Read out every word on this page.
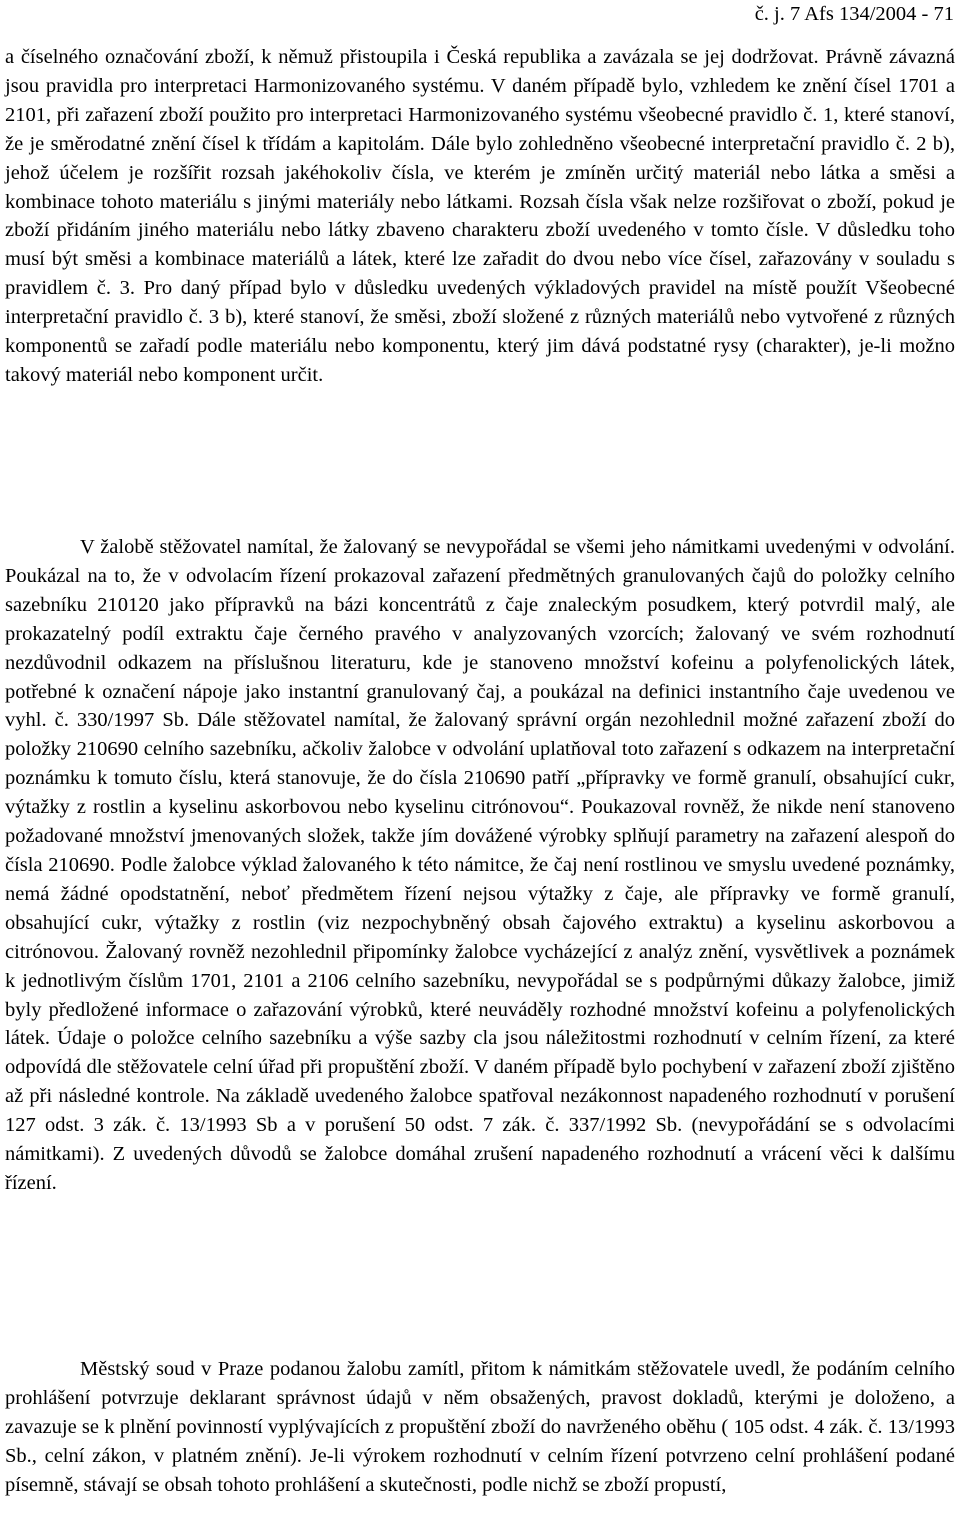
č. j. 7 Afs 134/2004 - 71

a číselného označování zboží, k němuž přistoupila i Česká republika a zavázala se jej dodržovat. Právně závazná jsou pravidla pro interpretaci Harmonizovaného systému. V daném případě bylo, vzhledem ke znění čísel 1701 a 2101, při zařazení zboží použito pro interpretaci Harmonizovaného systému všeobecné pravidlo č. 1, které stanoví, že je směrodatné znění čísel k třídám a kapitolám. Dále bylo zohledněno všeobecné interpretační pravidlo č. 2 b), jehož účelem je rozšířit rozsah jakéhokoliv čísla, ve kterém je zmíněn určitý materiál nebo látka a směsi a kombinace tohoto materiálu s jinými materiály nebo látkami. Rozsah čísla však nelze rozšiřovat o zboží, pokud je zboží přidáním jiného materiálu nebo látky zbaveno charakteru zboží uvedeného v tomto čísle. V důsledku toho musí být směsi a kombinace materiálů a látek, které lze zařadit do dvou nebo více čísel, zařazovány v souladu s pravidlem č. 3. Pro daný případ bylo v důsledku uvedených výkladových pravidel na místě použít Všeobecné interpretační pravidlo č. 3 b), které stanoví, že směsi, zboží složené z různých materiálů nebo vytvořené z různých komponentů se zařadí podle materiálu nebo komponentu, který jim dává podstatné rysy (charakter), je-li možno takový materiál nebo komponent určit.

V žalobě stěžovatel namítal, že žalovaný se nevypořádal se všemi jeho námitkami uvedenými v odvolání. Poukázal na to, že v odvolacím řízení prokazoval zařazení předmětných granulovaných čajů do položky celního sazebníku 210120 jako přípravků na bázi koncentrátů z čaje znaleckým posudkem, který potvrdil malý, ale prokazatelný podíl extraktu čaje černého pravého v analyzovaných vzorcích; žalovaný ve svém rozhodnutí nezdůvodnil odkazem na příslušnou literaturu, kde je stanoveno množství kofeinu a polyfenolických látek, potřebné k označení nápoje jako instantní granulovaný čaj, a poukázal na definici instantního čaje uvedenou ve vyhl. č. 330/1997 Sb. Dále stěžovatel namítal, že žalovaný správní orgán nezohlednil možné zařazení zboží do položky 210690 celního sazebníku, ačkoliv žalobce v odvolání uplatňoval toto zařazení s odkazem na interpretační poznámku k tomuto číslu, která stanovuje, že do čísla 210690 patří „přípravky ve formě granulí, obsahující cukr, výtažky z rostlin a kyselinu askorbovou nebo kyselinu citrónovou“. Poukazoval rovněž, že nikde není stanoveno požadované množství jmenovaných složek, takže jím dovážené výrobky splňují parametry na zařazení alespoň do čísla 210690. Podle žalobce výklad žalovaného k této námitce, že čaj není rostlinou ve smyslu uvedené poznámky, nemá žádné opodstatnění, neboť předmětem řízení nejsou výtažky z čaje, ale přípravky ve formě granulí, obsahující cukr, výtažky z rostlin (viz nezpochybněný obsah čajového extraktu) a kyselinu askorbovou a citrónovou. Žalovaný rovněž nezohlednil připomínky žalobce vycházející z analýz znění, vysvětlivek a poznámek k jednotlivým číslům 1701, 2101 a 2106 celního sazebníku, nevypořádal se s podpůrnými důkazy žalobce, jimiž byly předložené informace o zařazování výrobků, které neuváděly rozhodné množství kofeinu a polyfenolických látek. Údaje o položce celního sazebníku a výše sazby cla jsou náležitostmi rozhodnutí v celním řízení, za které odpovídá dle stěžovatele celní úřad při propuštění zboží. V daném případě bylo pochybení v zařazení zboží zjištěno až při následné kontrole. Na základě uvedeného žalobce spatřoval nezákonnost napadeného rozhodnutí v porušení 127 odst. 3 zák. č. 13/1993 Sb a v porušení 50 odst. 7 zák. č. 337/1992 Sb. (nevypořádání se s odvolacími námitkami). Z uvedených důvodů se žalobce domáhal zrušení napadeného rozhodnutí a vrácení věci k dalšímu řízení.

Městský soud v Praze podanou žalobu zamítl, přitom k námitkám stěžovatele uvedl, že podáním celního prohlášení potvrzuje deklarant správnost údajů v něm obsažených, pravost dokladů, kterými je doloženo, a zavazuje se k plnění povinností vyplývajících z propuštění zboží do navrženého oběhu ( 105 odst. 4 zák. č. 13/1993 Sb., celní zákon, v platném znění). Je-li výrokem rozhodnutí v celním řízení potvrzeno celní prohlášení podané písemně, stávají se obsah tohoto prohlášení a skutečnosti, podle nichž se zboží propustí,
